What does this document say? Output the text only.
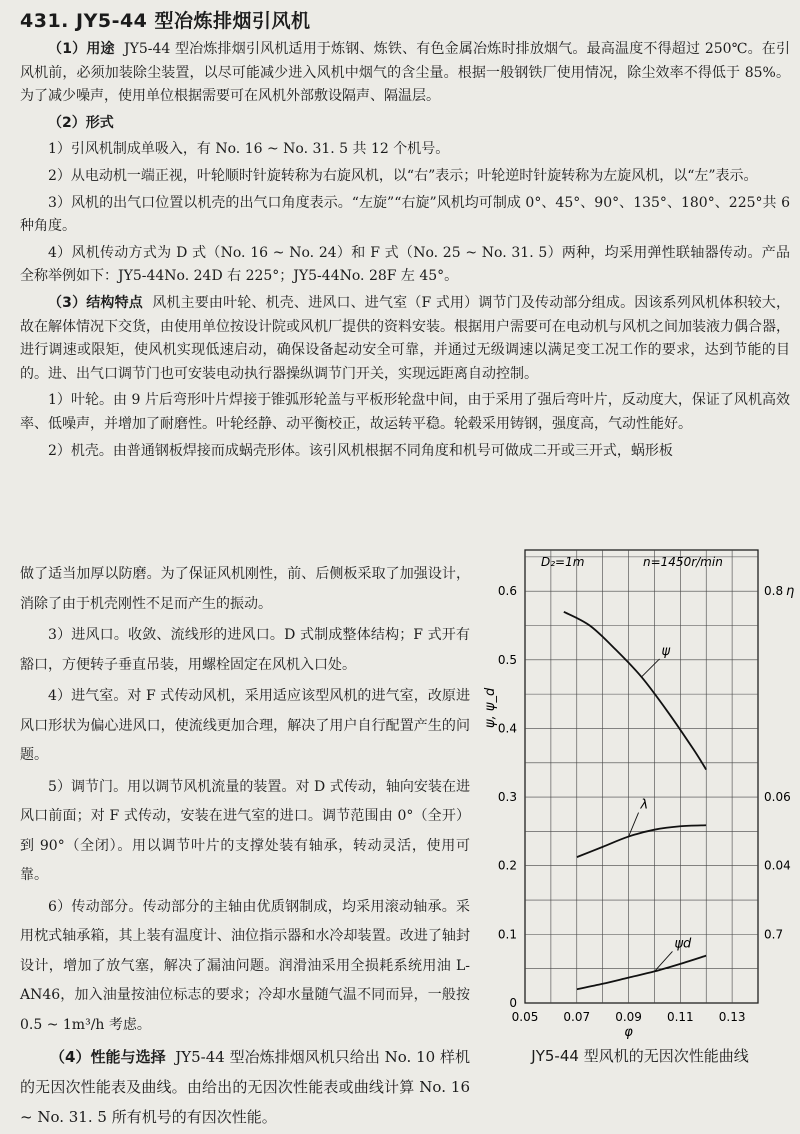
431. JY5-44 型冶炼排烟引风机

（1）用途 JY5-44 型冶炼排烟引风机适用于炼钢、炼铁、有色金属冶炼时排放烟气。最高温度不得超过 250℃。在引风机前，必须加装除尘装置，以尽可能减少进入风机中烟气的含尘量。根据一般钢铁厂使用情况，除尘效率不得低于 85%。为了减少噪声，使用单位根据需要可在风机外部敷设隔声、隔温层。

（2）形式

1）引风机制成单吸入，有 No. 16 ~ No. 31. 5 共 12 个机号。

2）从电动机一端正视，叶轮顺时针旋转称为右旋风机，以“右”表示；叶轮逆时针旋转称为左旋风机，以“左”表示。

3）风机的出气口位置以机壳的出气口角度表示。“左旋”“右旋”风机均可制成 0°、45°、90°、135°、180°、225°共 6 种角度。

4）风机传动方式为 D 式（No. 16 ~ No. 24）和 F 式（No. 25 ~ No. 31. 5）两种，均采用弹性联轴器传动。产品全称举例如下：JY5-44No. 24D 右 225°；JY5-44No. 28F 左 45°。

（3）结构特点 风机主要由叶轮、机壳、进风口、进气室（F 式用）调节门及传动部分组成。因该系列风机体积较大，故在解体情况下交货，由使用单位按设计院或风机厂提供的资料安装。根据用户需要可在电动机与风机之间加装液力偶合器，进行调速或限矩，使风机实现低速启动，确保设备起动安全可靠，并通过无级调速以满足变工况工作的要求，达到节能的目的。进、出气口调节门也可安装电动执行器操纵调节门开关，实现远距离自动控制。

1）叶轮。由 9 片后弯形叶片焊接于锥弧形轮盖与平板形轮盘中间，由于采用了强后弯叶片，反动度大，保证了风机高效率、低噪声，并增加了耐磨性。叶轮经静、动平衡校正，故运转平稳。轮毂采用铸钢，强度高，气动性能好。

2）机壳。由普通钢板焊接而成蜗壳形体。该引风机根据不同角度和机号可做成二开或三开式，蜗形板

做了适当加厚以防磨。为了保证风机刚性，前、后侧板采取了加强设计，消除了由于机壳刚性不足而产生的振动。

3）进风口。收敛、流线形的进风口。D 式制成整体结构；F 式开有豁口，方便转子垂直吊装，用螺栓固定在风机入口处。

4）进气室。对 F 式传动风机，采用适应该型风机的进气室，改原进风口形状为偏心进风口，使流线更加合理，解决了用户自行配置产生的问题。

5）调节门。用以调节风机流量的装置。对 D 式传动，轴向安装在进风口前面；对 F 式传动，安装在进气室的进口。调节范围由 0°（全开）到 90°（全闭）。用以调节叶片的支撑处装有轴承，转动灵活，使用可靠。

6）传动部分。传动部分的主轴由优质钢制成，均采用滚动轴承。采用枕式轴承箱，其上装有温度计、油位指示器和水冷却装置。改进了轴封设计，增加了放气塞，解决了漏油问题。润滑油采用全损耗系统用油 L-AN46，加入油量按油位标志的要求；冷却水量随气温不同而异，一般按 0.5 ~ 1m³/h 考虑。

（4）性能与选择 JY5-44 型冶炼排烟风机只给出 No. 10 样机的无因次性能表及曲线。由给出的无因次性能表或曲线计算 No. 16 ~ No. 31. 5 所有机号的有因次性能。

0.05 0.07 0.09 0.11 0.13
φ
0
0.1
0.2
0.3
0.4
0.5
0.6
ψ, ψ_d
0.7
0.8 η
0.04
0.06
D₂=1m	n=1450r/min
ψ
λ
ψd
JY5-44 型风机的无因次性能曲线
